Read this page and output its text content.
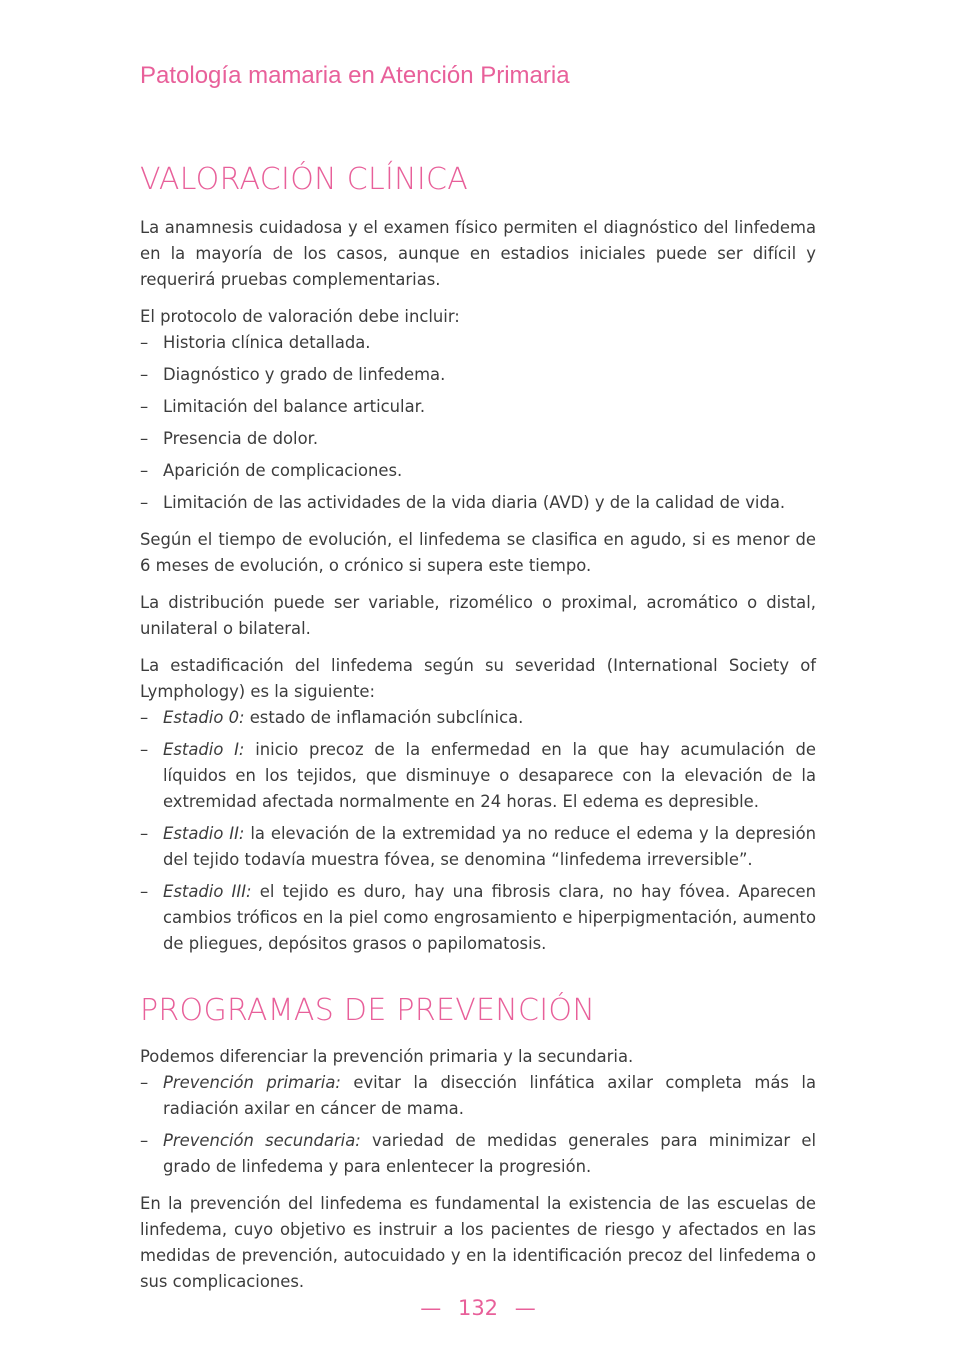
Patología mamaria en Atención Primaria
VALORACIÓN CLÍNICA

La anamnesis cuidadosa y el examen físico permiten el diagnóstico del linfedema en la mayoría de los casos, aunque en estadios iniciales puede ser difícil y requerirá pruebas complementarias.

El protocolo de valoración debe incluir:

– Historia clínica detallada.
– Diagnóstico y grado de linfedema.
– Limitación del balance articular.
– Presencia de dolor.
– Aparición de complicaciones.
– Limitación de las actividades de la vida diaria (AVD) y de la calidad de vida.

Según el tiempo de evolución, el linfedema se clasifica en agudo, si es menor de 6 meses de evolución, o crónico si supera este tiempo.

La distribución puede ser variable, rizomélico o proximal, acromático o distal, unilateral o bilateral.

La estadificación del linfedema según su severidad (International Society of Lymphology) es la siguiente:

– Estadio 0: estado de inflamación subclínica.
– Estadio I: inicio precoz de la enfermedad en la que hay acumulación de líquidos en los tejidos, que disminuye o desaparece con la elevación de la extremidad afectada normalmente en 24 horas. El edema es depresible.
– Estadio II: la elevación de la extremidad ya no reduce el edema y la depresión del tejido todavía muestra fóvea, se denomina “linfedema irreversible”.
– Estadio III: el tejido es duro, hay una fibrosis clara, no hay fóvea. Aparecen cambios tróficos en la piel como engrosamiento e hiperpigmentación, aumento de pliegues, depósitos grasos o papilomatosis.
PROGRAMAS DE PREVENCIÓN

Podemos diferenciar la prevención primaria y la secundaria.

– Prevención primaria: evitar la disección linfática axilar completa más la radiación axilar en cáncer de mama.
– Prevención secundaria: variedad de medidas generales para minimizar el grado de linfedema y para enlentecer la progresión.

En la prevención del linfedema es fundamental la existencia de las escuelas de linfedema, cuyo objetivo es instruir a los pacientes de riesgo y afectados en las medidas de prevención, autocuidado y en la identificación precoz del linfedema o sus complicaciones.

— 132 —
